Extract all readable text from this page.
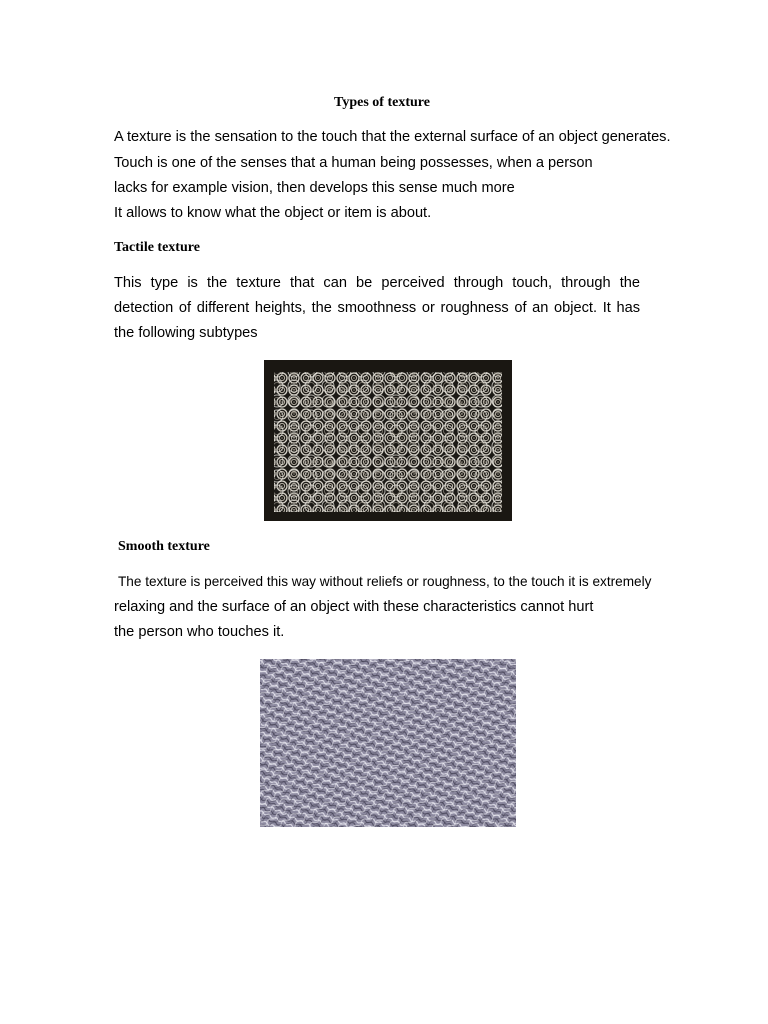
Types of texture
A texture is the sensation to the touch that the external surface of an object generates.
Touch is one of the senses that a human being possesses, when a person
lacks for example vision, then develops this sense much more
It allows to know what the object or item is about.
Tactile texture
This type is the texture that can be perceived through touch, through the
detection of different heights, the smoothness or roughness of an object. It has
the following subtypes
Smooth texture
The texture is perceived this way without reliefs or roughness, to the touch it is extremely
relaxing and the surface of an object with these characteristics cannot hurt
the person who touches it.
